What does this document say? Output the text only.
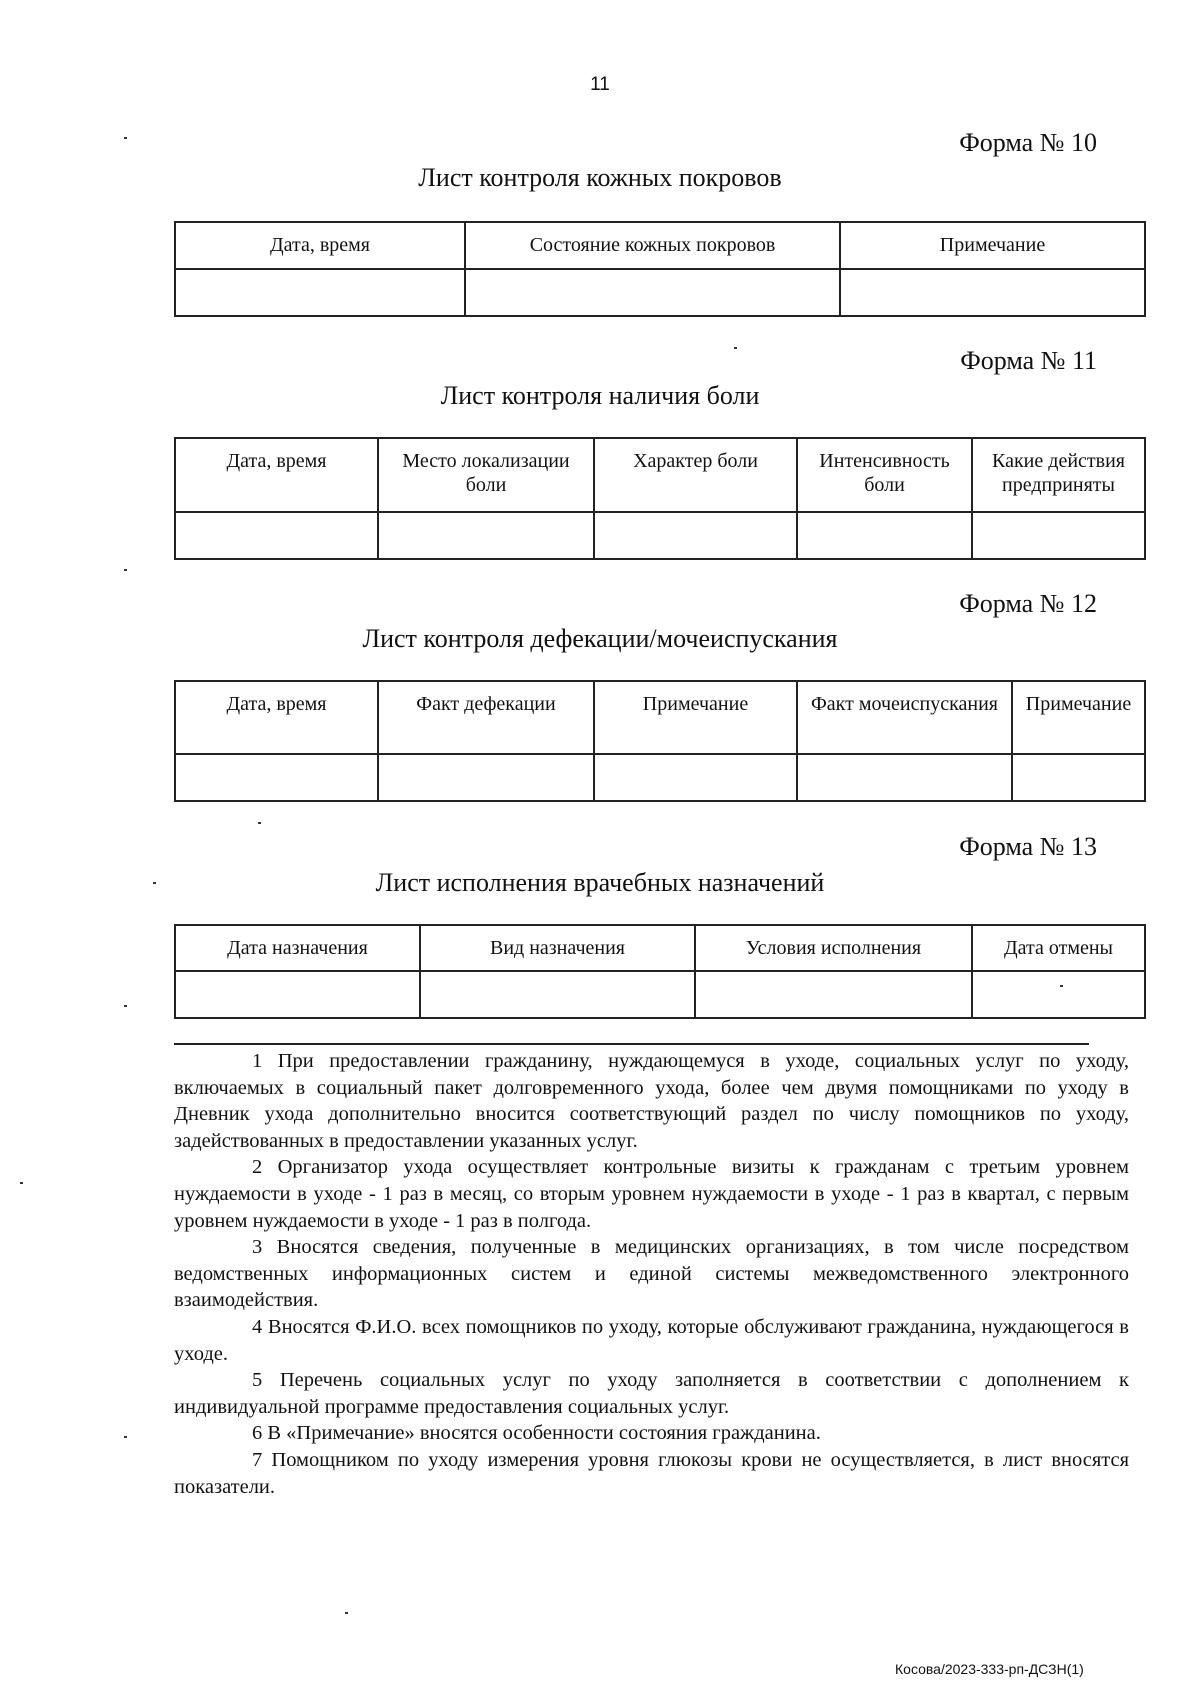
11
Форма № 10
Лист контроля кожных покровов
Дата, время	Состояние кожных покровов	Примечание

Форма № 11
Лист контроля наличия боли
Дата, время	Место локализации боли	Характер боли	Интенсивность боли	Какие действия предприняты

Форма № 12
Лист контроля дефекации/мочеиспускания
Дата, время	Факт дефекации	Примечание	Факт мочеиспускания	Примечание

Форма № 13
Лист исполнения врачебных назначений
Дата назначения	Вид назначения	Условия исполнения	Дата отмены

1 При предоставлении гражданину, нуждающемуся в уходе, социальных услуг по уходу, включаемых в социальный пакет долговременного ухода, более чем двумя помощниками по уходу в Дневник ухода дополнительно вносится соответствующий раздел по числу помощников по уходу, задействованных в предоставлении указанных услуг.

2 Организатор ухода осуществляет контрольные визиты к гражданам с третьим уровнем нуждаемости в уходе - 1 раз в месяц, со вторым уровнем нуждаемости в уходе - 1 раз в квартал, с первым уровнем нуждаемости в уходе - 1 раз в полгода.

3 Вносятся сведения, полученные в медицинских организациях, в том числе посредством ведомственных информационных систем и единой системы межведомственного электронного взаимодействия.

4 Вносятся Ф.И.О. всех помощников по уходу, которые обслуживают гражданина, нуждающегося в уходе.

5 Перечень социальных услуг по уходу заполняется в соответствии с дополнением к индивидуальной программе предоставления социальных услуг.

6 В «Примечание» вносятся особенности состояния гражданина.

7 Помощником по уходу измерения уровня глюкозы крови не осуществляется, в лист вносятся показатели.

Косова/2023-333-рп-ДСЗН(1)
